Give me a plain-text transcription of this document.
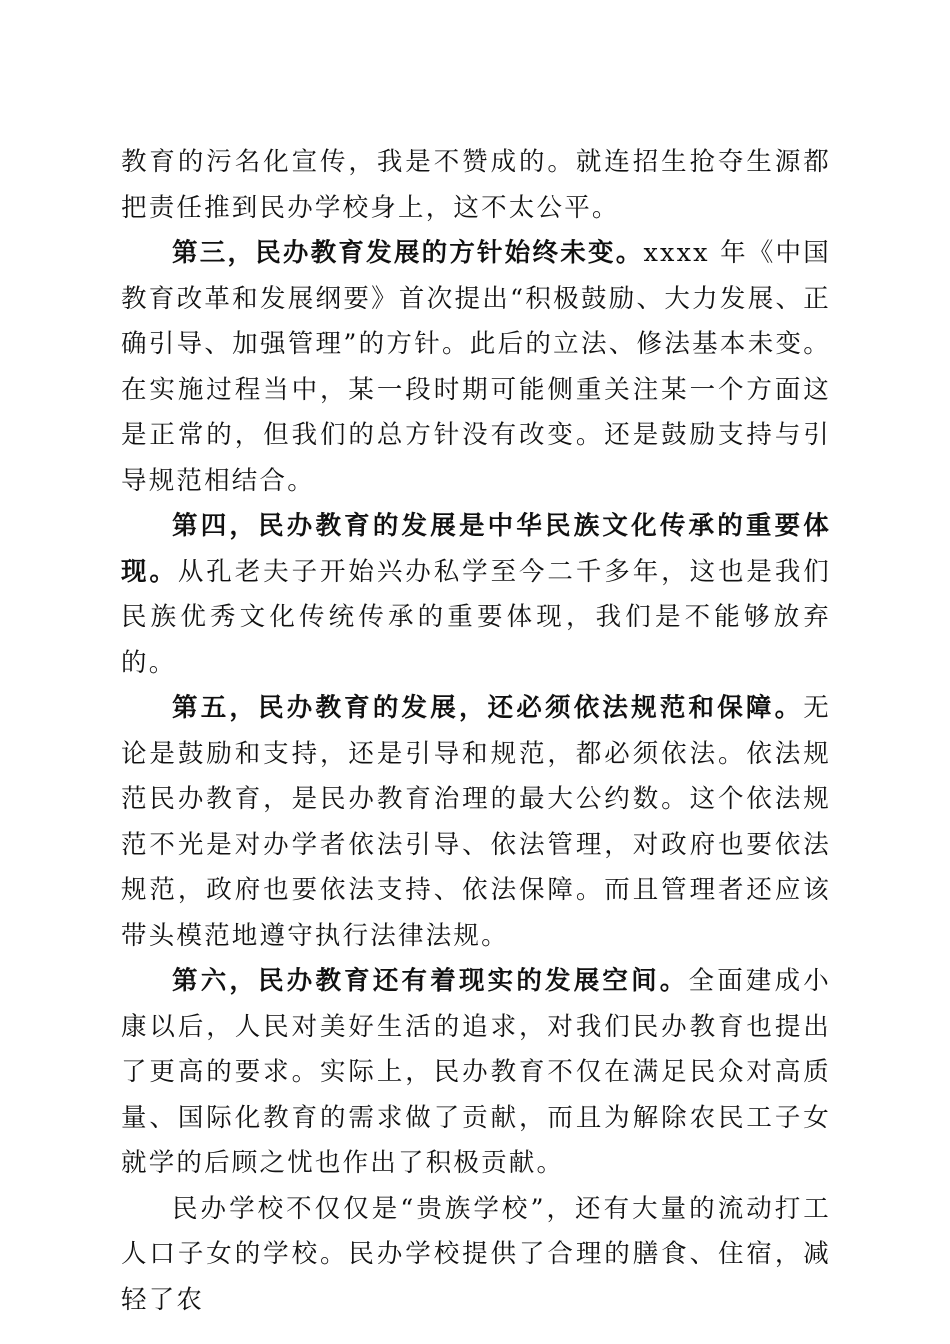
教育的污名化宣传，我是不赞成的。就连招生抢夺生源都把责任推到民办学校身上，这不太公平。

第三，民办教育发展的方针始终未变。xxxx 年《中国教育改革和发展纲要》首次提出“积极鼓励、大力发展、正确引导、加强管理”的方针。此后的立法、修法基本未变。在实施过程当中，某一段时期可能侧重关注某一个方面这是正常的，但我们的总方针没有改变。还是鼓励支持与引导规范相结合。

第四，民办教育的发展是中华民族文化传承的重要体现。从孔老夫子开始兴办私学至今二千多年，这也是我们民族优秀文化传统传承的重要体现，我们是不能够放弃的。

第五，民办教育的发展，还必须依法规范和保障。无论是鼓励和支持，还是引导和规范，都必须依法。依法规范民办教育，是民办教育治理的最大公约数。这个依法规范不光是对办学者依法引导、依法管理，对政府也要依法规范，政府也要依法支持、依法保障。而且管理者还应该带头模范地遵守执行法律法规。

第六，民办教育还有着现实的发展空间。全面建成小康以后，人民对美好生活的追求，对我们民办教育也提出了更高的要求。实际上，民办教育不仅在满足民众对高质量、国际化教育的需求做了贡献，而且为解除农民工子女就学的后顾之忧也作出了积极贡献。

民办学校不仅仅是“贵族学校”，还有大量的流动打工人口子女的学校。民办学校提供了合理的膳食、住宿，减轻了农
